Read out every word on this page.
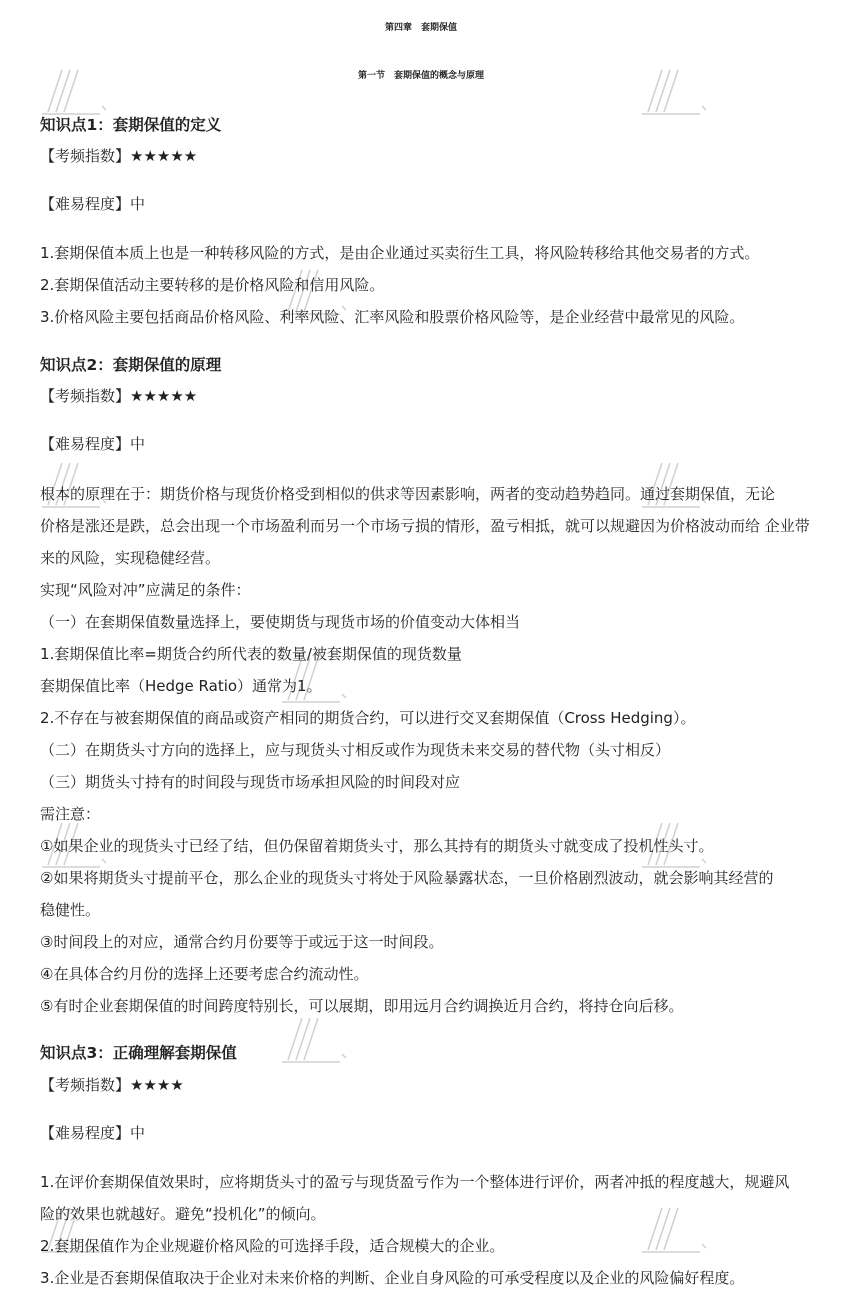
第四章　套期保值
第一节　套期保值的概念与原理
知识点1：套期保值的定义
【考频指数】★★★★★
【难易程度】中
1.套期保值本质上也是一种转移风险的方式，是由企业通过买卖衍生工具，将风险转移给其他交易者的方式。
2.套期保值活动主要转移的是价格风险和信用风险。
3.价格风险主要包括商品价格风险、利率风险、汇率风险和股票价格风险等，是企业经营中最常见的风险。
知识点2：套期保值的原理
【考频指数】★★★★★
【难易程度】中
根本的原理在于：期货价格与现货价格受到相似的供求等因素影响，两者的变动趋势趋同。通过套期保值，无论
价格是涨还是跌，总会出现一个市场盈利而另一个市场亏损的情形，盈亏相抵，就可以规避因为价格波动而给 企业带
来的风险，实现稳健经营。
实现“风险对冲”应满足的条件：
（一）在套期保值数量选择上，要使期货与现货市场的价值变动大体相当
1.套期保值比率=期货合约所代表的数量/被套期保值的现货数量
套期保值比率（Hedge Ratio）通常为1。
2.不存在与被套期保值的商品或资产相同的期货合约，可以进行交叉套期保值（Cross Hedging）。
（二）在期货头寸方向的选择上，应与现货头寸相反或作为现货未来交易的替代物（头寸相反）
（三）期货头寸持有的时间段与现货市场承担风险的时间段对应
需注意：
①如果企业的现货头寸已经了结，但仍保留着期货头寸，那么其持有的期货头寸就变成了投机性头寸。
②如果将期货头寸提前平仓，那么企业的现货头寸将处于风险暴露状态，一旦价格剧烈波动，就会影响其经营的
稳健性。
③时间段上的对应，通常合约月份要等于或远于这一时间段。
④在具体合约月份的选择上还要考虑合约流动性。
⑤有时企业套期保值的时间跨度特别长，可以展期，即用远月合约调换近月合约，将持仓向后移。
知识点3：正确理解套期保值
【考频指数】★★★★
【难易程度】中
1.在评价套期保值效果时，应将期货头寸的盈亏与现货盈亏作为一个整体进行评价，两者冲抵的程度越大，规避风
险的效果也就越好。避免“投机化”的倾向。
2.套期保值作为企业规避价格风险的可选择手段，适合规模大的企业。
3.企业是否套期保值取决于企业对未来价格的判断、企业自身风险的可承受程度以及企业的风险偏好程度。
